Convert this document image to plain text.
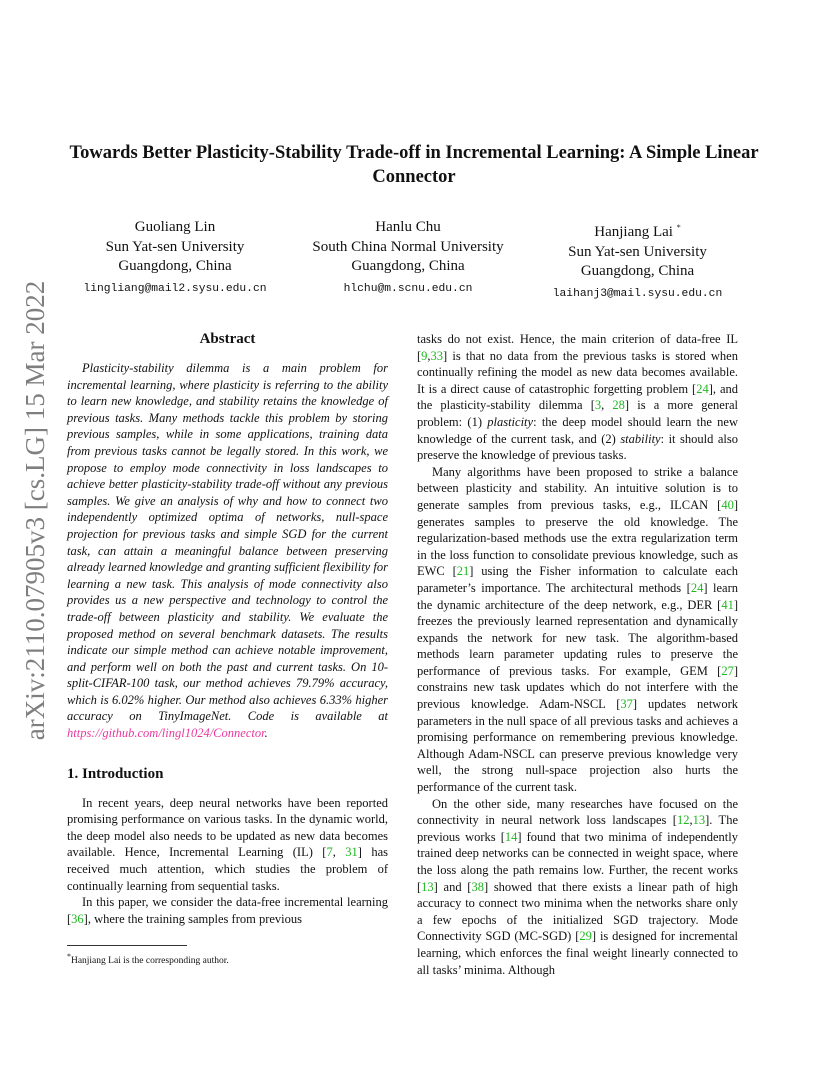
arXiv:2110.07905v3 [cs.LG] 15 Mar 2022
Towards Better Plasticity-Stability Trade-off in Incremental Learning: A Simple Linear Connector
Guoliang Lin
Sun Yat-sen University
Guangdong, China
lingliang@mail2.sysu.edu.cn
Hanlu Chu
South China Normal University
Guangdong, China
hlchu@m.scnu.edu.cn
Hanjiang Lai *
Sun Yat-sen University
Guangdong, China
laihanj3@mail.sysu.edu.cn
Abstract

Plasticity-stability dilemma is a main problem for incremental learning, where plasticity is referring to the ability to learn new knowledge, and stability retains the knowledge of previous tasks. Many methods tackle this problem by storing previous samples, while in some applications, training data from previous tasks cannot be legally stored. In this work, we propose to employ mode connectivity in loss landscapes to achieve better plasticity-stability trade-off without any previous samples. We give an analysis of why and how to connect two independently optimized optima of networks, null-space projection for previous tasks and simple SGD for the current task, can attain a meaningful balance between preserving already learned knowledge and granting sufficient flexibility for learning a new task. This analysis of mode connectivity also provides us a new perspective and technology to control the trade-off between plasticity and stability. We evaluate the proposed method on several benchmark datasets. The results indicate our simple method can achieve notable improvement, and perform well on both the past and current tasks. On 10-split-CIFAR-100 task, our method achieves 79.79% accuracy, which is 6.02% higher. Our method also achieves 6.33% higher accuracy on TinyImageNet. Code is available at https://github.com/lingl1024/Connector.

1. Introduction

In recent years, deep neural networks have been reported promising performance on various tasks. In the dynamic world, the deep model also needs to be updated as new data becomes available. Hence, Incremental Learning (IL) [7, 31] has received much attention, which studies the problem of continually learning from sequential tasks.

In this paper, we consider the data-free incremental learning [36], where the training samples from previous

tasks do not exist. Hence, the main criterion of data-free IL [9,33] is that no data from the previous tasks is stored when continually refining the model as new data becomes available. It is a direct cause of catastrophic forgetting problem [24], and the plasticity-stability dilemma [3, 28] is a more general problem: (1) plasticity: the deep model should learn the new knowledge of the current task, and (2) stability: it should also preserve the knowledge of previous tasks.

Many algorithms have been proposed to strike a balance between plasticity and stability. An intuitive solution is to generate samples from previous tasks, e.g., ILCAN [40] generates samples to preserve the old knowledge. The regularization-based methods use the extra regularization term in the loss function to consolidate previous knowledge, such as EWC [21] using the Fisher information to calculate each parameter’s importance. The architectural methods [24] learn the dynamic architecture of the deep network, e.g., DER [41] freezes the previously learned representation and dynamically expands the network for new task. The algorithm-based methods learn parameter updating rules to preserve the performance of previous tasks. For example, GEM [27] constrains new task updates which do not interfere with the previous knowledge. Adam-NSCL [37] updates network parameters in the null space of all previous tasks and achieves a promising performance on remembering previous knowledge. Although Adam-NSCL can preserve previous knowledge very well, the strong null-space projection also hurts the performance of the current task.

On the other side, many researches have focused on the connectivity in neural network loss landscapes [12,13]. The previous works [14] found that two minima of independently trained deep networks can be connected in weight space, where the loss along the path remains low. Further, the recent works [13] and [38] showed that there exists a linear path of high accuracy to connect two minima when the networks share only a few epochs of the initialized SGD trajectory. Mode Connectivity SGD (MC-SGD) [29] is designed for incremental learning, which enforces the final weight linearly connected to all tasks’ minima. Although

*Hanjiang Lai is the corresponding author.
